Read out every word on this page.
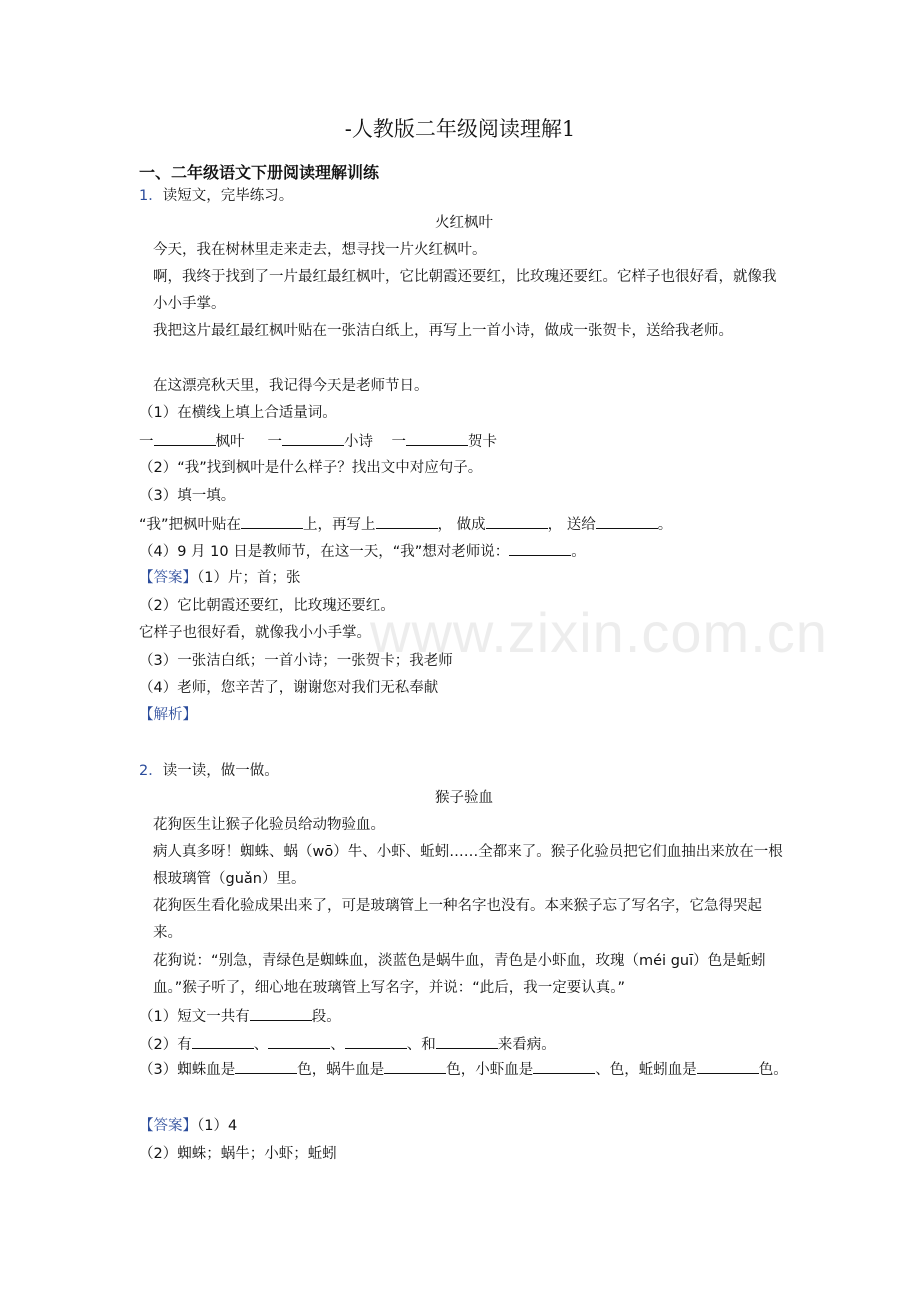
www.zixin.com.cn
-人教版二年级阅读理解1
一、二年级语文下册阅读理解训练
1．读短文，完毕练习。
火红枫叶
今天，我在树林里走来走去，想寻找一片火红枫叶。
啊，我终于找到了一片最红最红枫叶，它比朝霞还要红，比玫瑰还要红。它样子也很好看，就像我小小手掌。
我把这片最红最红枫叶贴在一张洁白纸上，再写上一首小诗，做成一张贺卡，送给我老师。
在这漂亮秋天里，我记得今天是老师节日。
（1）在横线上填上合适量词。
一	枫叶 一	小诗 一	贺卡
（2）“我”找到枫叶是什么样子？找出文中对应句子。
（3）填一填。
“我”把枫叶贴在	上，再写上	， 做成	， 送给	。
（4）9 月 10 日是教师节，在这一天，“我”想对老师说：	。
【答案】（1）片；首；张
（2）它比朝霞还要红，比玫瑰还要红。
它样子也很好看，就像我小小手掌。
（3）一张洁白纸；一首小诗；一张贺卡；我老师
（4）老师，您辛苦了，谢谢您对我们无私奉献
【解析】
2．读一读，做一做。
猴子验血
花狗医生让猴子化验员给动物验血。
病人真多呀！蜘蛛、蜗（wō）牛、小虾、蚯蚓……全都来了。猴子化验员把它们血抽出来放在一根根玻璃管（guǎn）里。
花狗医生看化验成果出来了，可是玻璃管上一种名字也没有。本来猴子忘了写名字，它急得哭起来。
花狗说：“别急，青绿色是蜘蛛血，淡蓝色是蜗牛血，青色是小虾血，玫瑰（méi guī）色是蚯蚓血。”猴子听了，细心地在玻璃管上写名字，并说：“此后，我一定要认真。”
（1）短文一共有	段。
（2）有	、	、	、和	来看病。
（3）蜘蛛血是	色，蜗牛血是	色，小虾血是	、色，蚯蚓血是	色。
【答案】（1）4
（2）蜘蛛；蜗牛；小虾；蚯蚓
